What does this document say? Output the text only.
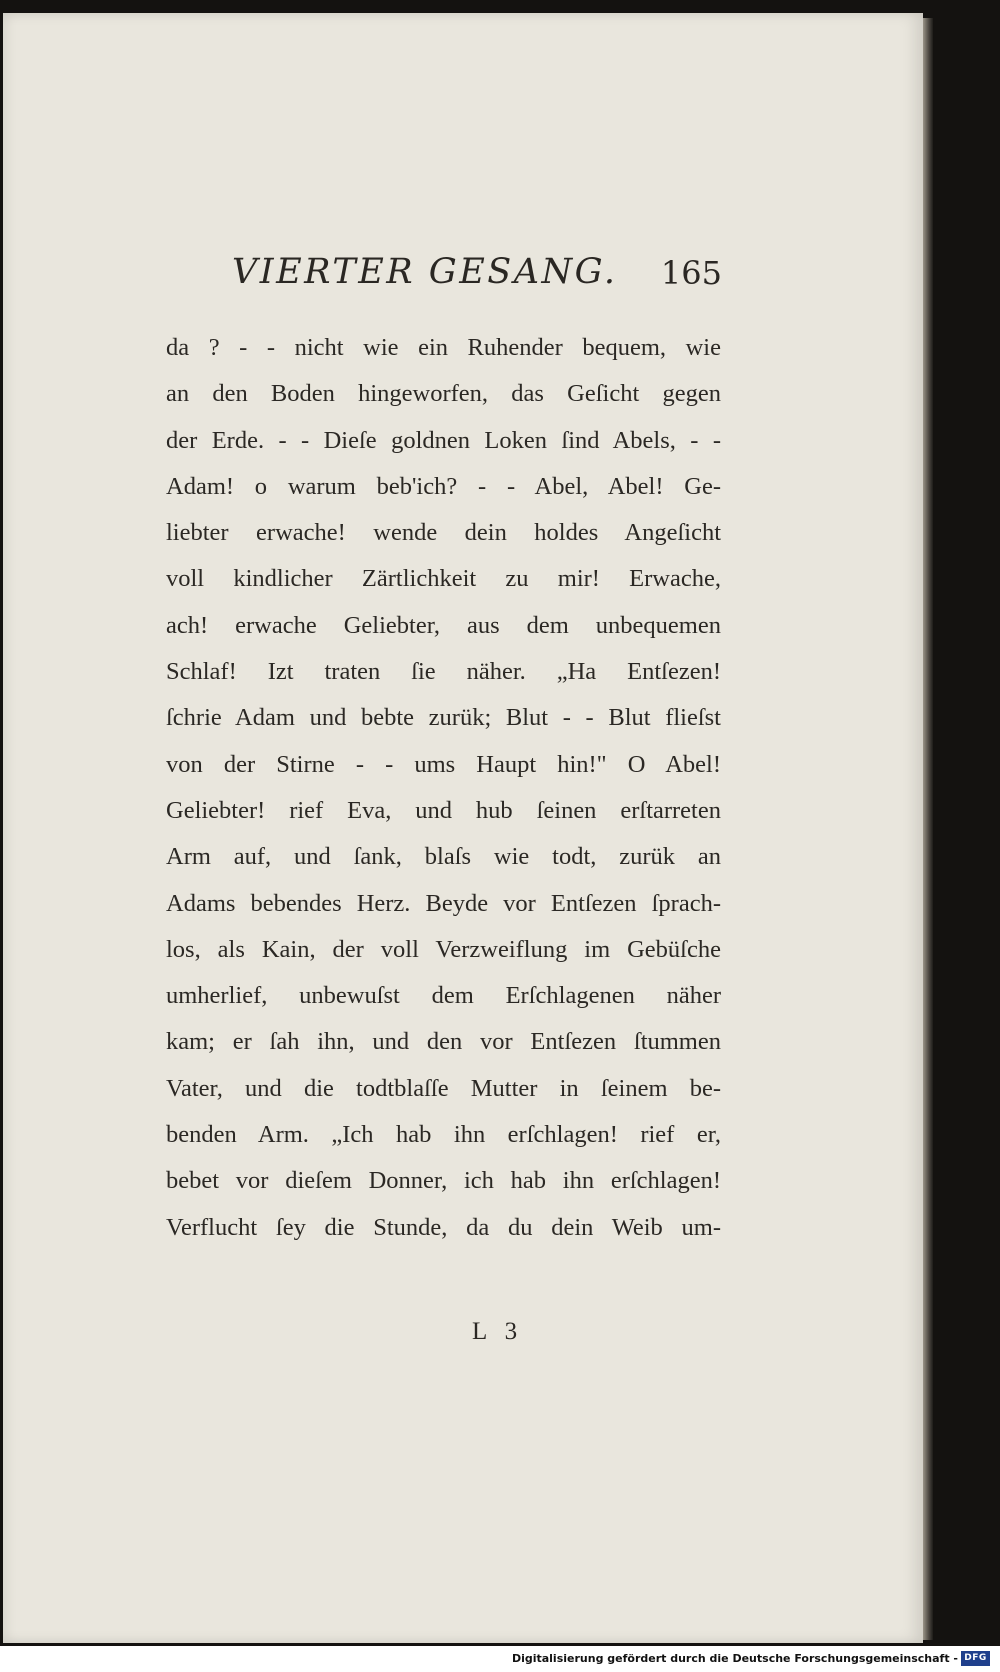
VIERTER GESANG. 165
da ? - - nicht wie ein Ruhender bequem, wie
an den Boden hingeworfen, das Geſicht gegen
der Erde. - - Dieſe goldnen Loken ſind Abels, - -
Adam! o warum beb'ich? - - Abel, Abel! Ge-
liebter erwache! wende dein holdes Angeſicht
voll kindlicher Zärtlichkeit zu mir! Erwache,
ach! erwache Geliebter, aus dem unbequemen
Schlaf! Izt traten ſie näher. „Ha Entſezen!
ſchrie Adam und bebte zurük; Blut - - Blut flieſst
von der Stirne - - ums Haupt hin!" O Abel!
Geliebter! rief Eva, und hub ſeinen erſtarreten
Arm auf, und ſank, blaſs wie todt, zurük an
Adams bebendes Herz. Beyde vor Entſezen ſprach-
los, als Kain, der voll Verzweiflung im Gebüſche
umherlief, unbewuſst dem Erſchlagenen näher
kam; er ſah ihn, und den vor Entſezen ſtummen
Vater, und die todtblaſſe Mutter in ſeinem be-
benden Arm. „Ich hab ihn erſchlagen! rief er,
bebet vor dieſem Donner, ich hab ihn erſchlagen!
Verflucht ſey die Stunde, da du dein Weib um-
L 3
Digitalisierung gefördert durch die Deutsche Forschungsgemeinschaft - DFG
